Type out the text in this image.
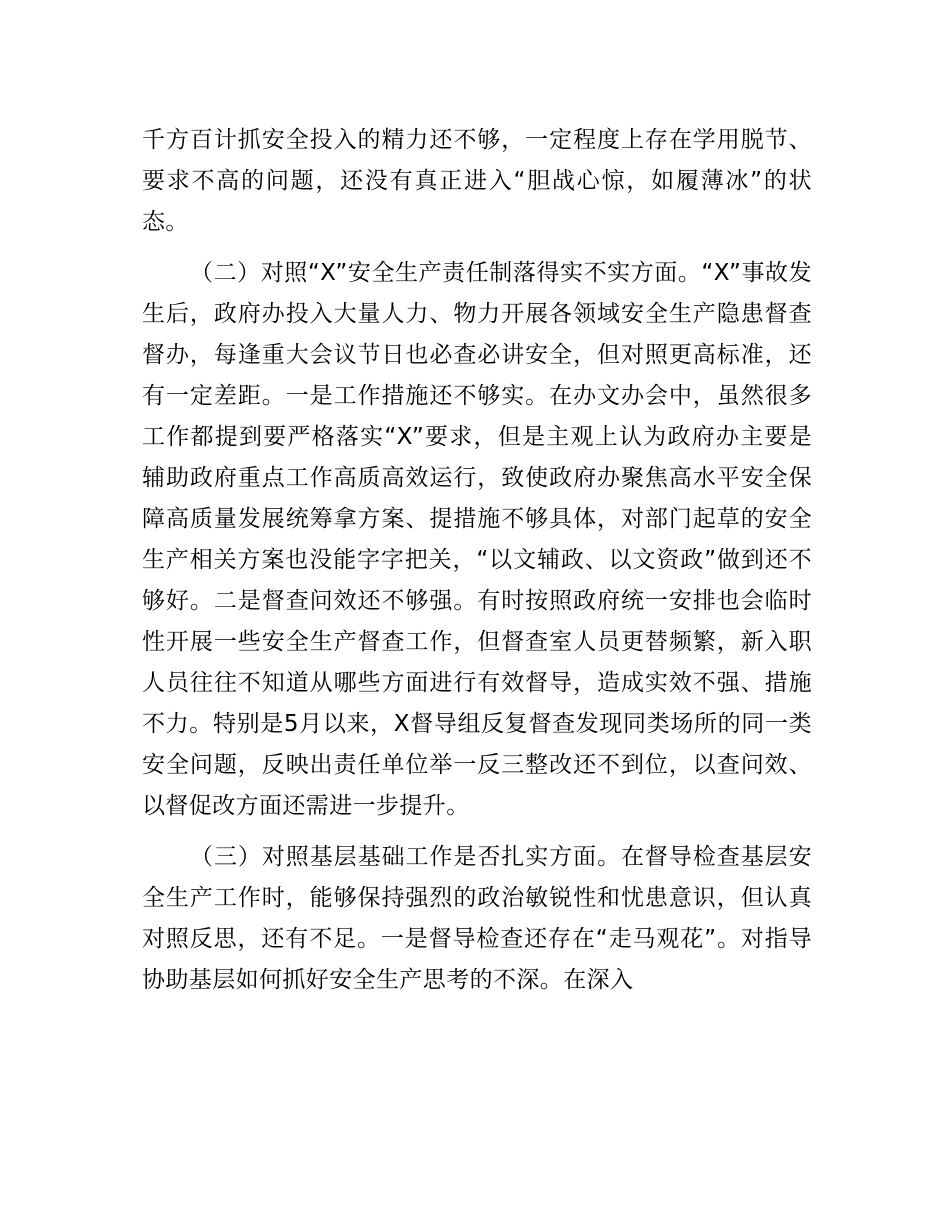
千方百计抓安全投入的精力还不够，一定程度上存在学用脱节、要求不高的问题，还没有真正进入“胆战心惊，如履薄冰”的状态。

（二）对照“X”安全生产责任制落得实不实方面。“X”事故发生后，政府办投入大量人力、物力开展各领域安全生产隐患督查督办，每逢重大会议节日也必查必讲安全，但对照更高标准，还有一定差距。一是工作措施还不够实。在办文办会中，虽然很多工作都提到要严格落实“X”要求，但是主观上认为政府办主要是辅助政府重点工作高质高效运行，致使政府办聚焦高水平安全保障高质量发展统筹拿方案、提措施不够具体，对部门起草的安全生产相关方案也没能字字把关，“以文辅政、以文资政”做到还不够好。二是督查问效还不够强。有时按照政府统一安排也会临时性开展一些安全生产督查工作，但督查室人员更替频繁，新入职人员往往不知道从哪些方面进行有效督导，造成实效不强、措施不力。特别是5月以来，X督导组反复督查发现同类场所的同一类安全问题，反映出责任单位举一反三整改还不到位，以查问效、以督促改方面还需进一步提升。

（三）对照基层基础工作是否扎实方面。在督导检查基层安全生产工作时，能够保持强烈的政治敏锐性和忧患意识，但认真对照反思，还有不足。一是督导检查还存在“走马观花”。对指导协助基层如何抓好安全生产思考的不深。在深入
